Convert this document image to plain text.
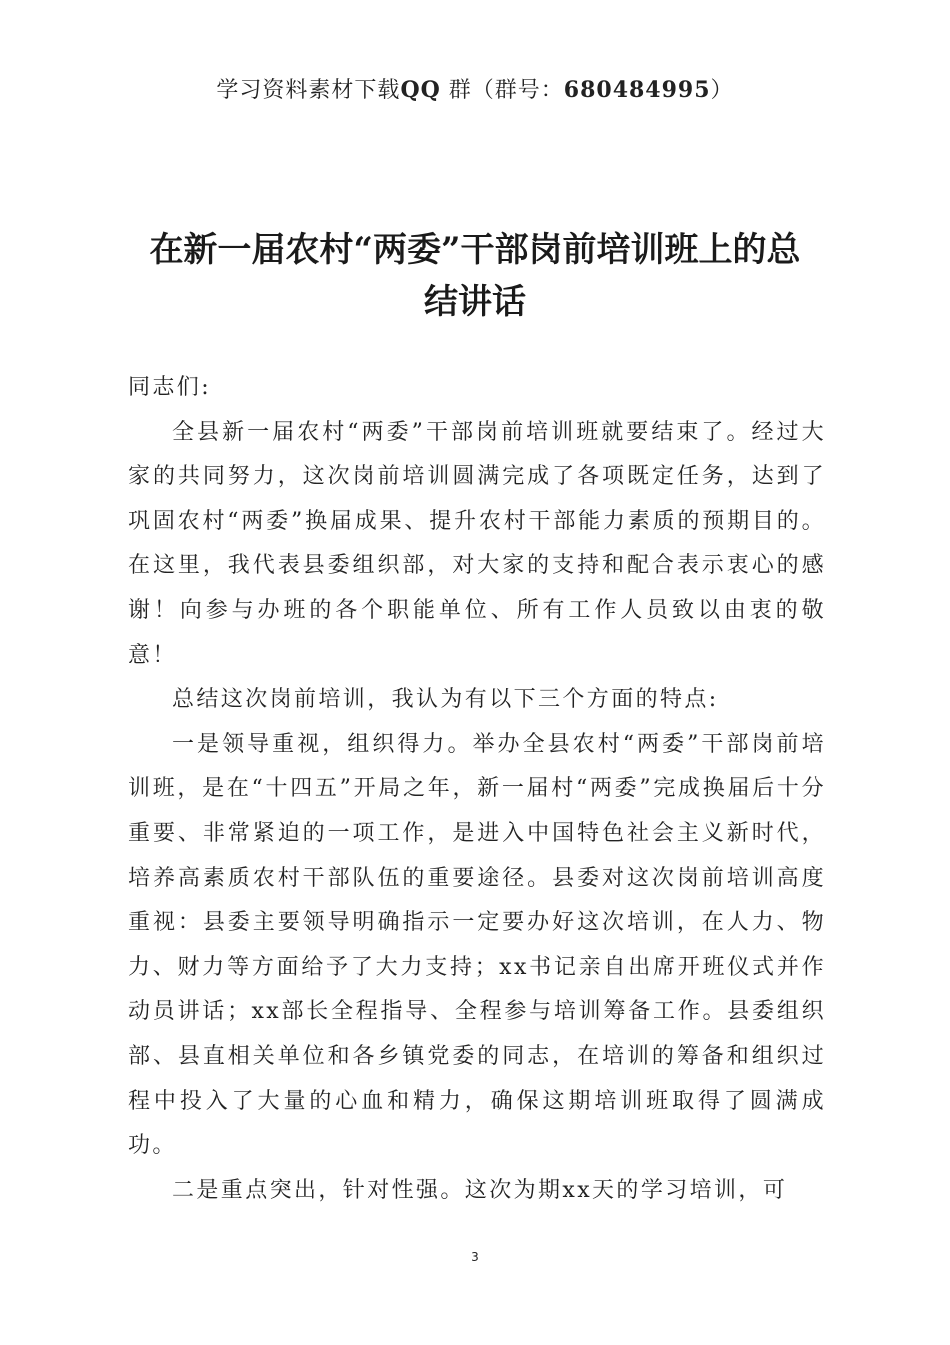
学习资料素材下载QQ 群（群号：680484995）
在新一届农村“两委”干部岗前培训班上的总
结讲话

同志们:

全县新一届农村“两委”干部岗前培训班就要结束了。经过大家的共同努力，这次岗前培训圆满完成了各项既定任务，达到了巩固农村“两委”换届成果、提升农村干部能力素质的预期目的。在这里，我代表县委组织部，对大家的支持和配合表示衷心的感谢！向参与办班的各个职能单位、所有工作人员致以由衷的敬意！

总结这次岗前培训，我认为有以下三个方面的特点:

一是领导重视，组织得力。举办全县农村“两委”干部岗前培训班，是在“十四五”开局之年，新一届村“两委”完成换届后十分重要、非常紧迫的一项工作，是进入中国特色社会主义新时代，培养高素质农村干部队伍的重要途径。县委对这次岗前培训高度重视：县委主要领导明确指示一定要办好这次培训，在人力、物力、财力等方面给予了大力支持；xx书记亲自出席开班仪式并作动员讲话；xx部长全程指导、全程参与培训筹备工作。县委组织部、县直相关单位和各乡镇党委的同志，在培训的筹备和组织过程中投入了大量的心血和精力，确保这期培训班取得了圆满成功。

二是重点突出，针对性强。这次为期xx天的学习培训，可

3
